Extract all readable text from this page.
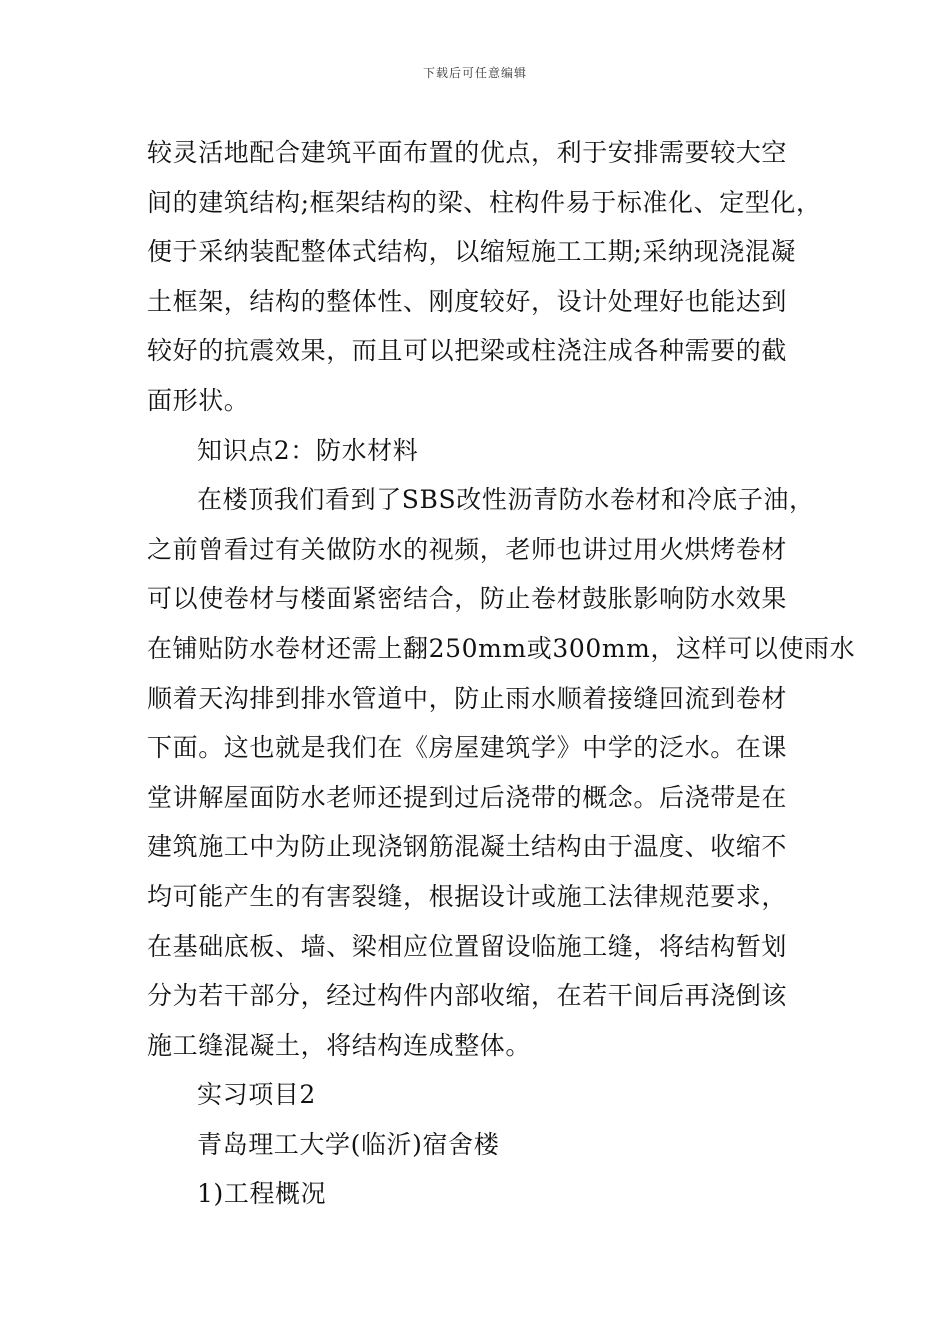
下载后可任意编辑
较灵活地配合建筑平面布置的优点，利于安排需要较大空
间的建筑结构;框架结构的梁、柱构件易于标准化、定型化，
便于采纳装配整体式结构，以缩短施工工期;采纳现浇混凝
土框架，结构的整体性、刚度较好，设计处理好也能达到
较好的抗震效果，而且可以把梁或柱浇注成各种需要的截
面形状。
知识点2：防水材料
在楼顶我们看到了SBS改性沥青防水卷材和冷底子油，
之前曾看过有关做防水的视频，老师也讲过用火烘烤卷材
可以使卷材与楼面紧密结合，防止卷材鼓胀影响防水效果
在铺贴防水卷材还需上翻250mm或300mm，这样可以使雨水
顺着天沟排到排水管道中，防止雨水顺着接缝回流到卷材
下面。这也就是我们在《房屋建筑学》中学的泛水。在课
堂讲解屋面防水老师还提到过后浇带的概念。后浇带是在
建筑施工中为防止现浇钢筋混凝土结构由于温度、收缩不
均可能产生的有害裂缝，根据设计或施工法律规范要求，
在基础底板、墙、梁相应位置留设临施工缝，将结构暂划
分为若干部分，经过构件内部收缩，在若干间后再浇倒该
施工缝混凝土，将结构连成整体。
实习项目2
青岛理工大学(临沂)宿舍楼
1)工程概况
